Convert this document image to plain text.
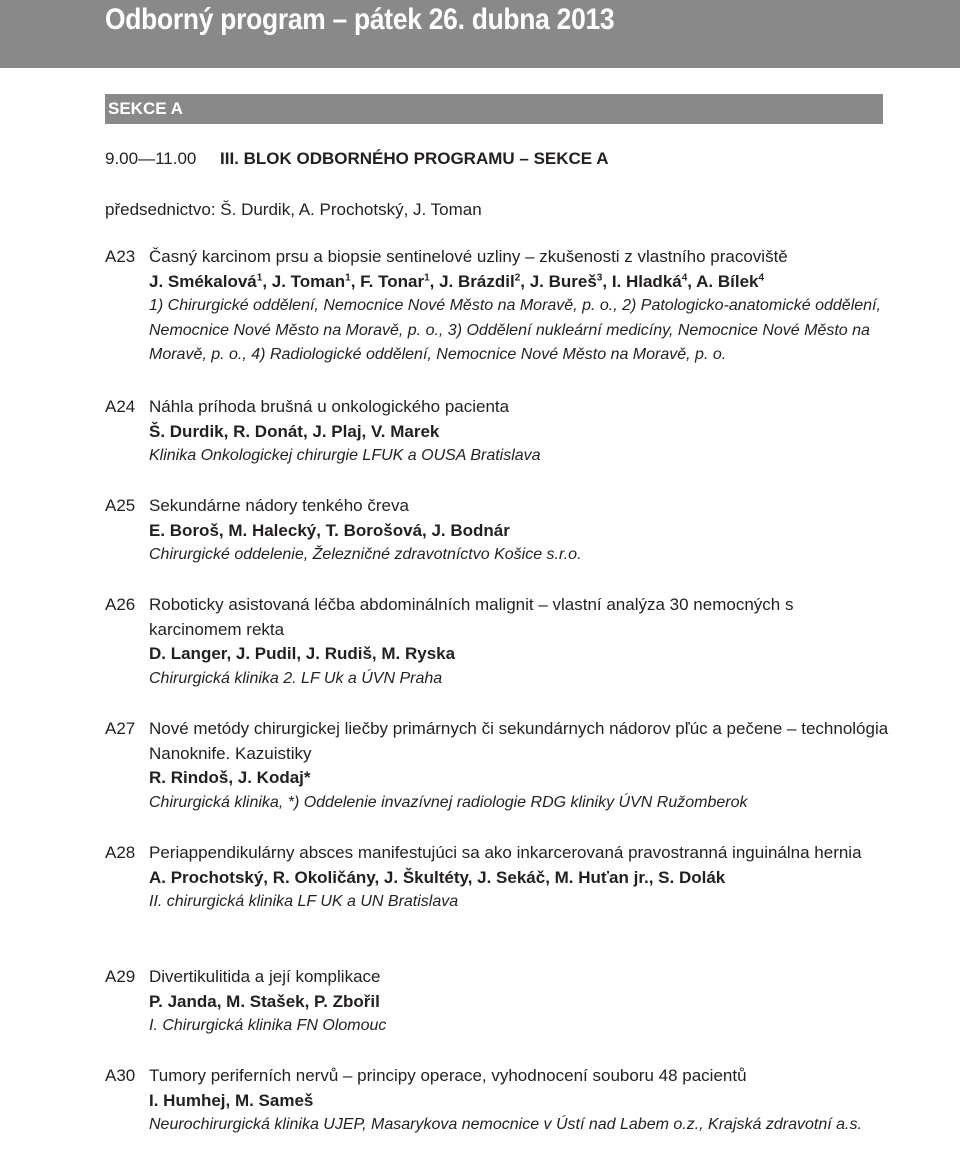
Odborný program – pátek 26. dubna 2013
SEKCE A
9.00—11.00 III. BLOK ODBORNÉHO PROGRAMU – SEKCE A
předsednictvo: Š. Durdik, A. Prochotský, J. Toman
A23 Časný karcinom prsu a biopsie sentinelové uzliny – zkušenosti z vlastního pracoviště
J. Smékalová$^1$, J. Toman$^1$, F. Tonar$^1$, J. Brázdil$^2$, J. Bureš$^3$, I. Hladká$^4$, A. Bílek$^4$
1) Chirurgické oddělení, Nemocnice Nové Město na Moravě, p. o., 2) Patologicko-anatomické oddělení, Nemocnice Nové Město na Moravě, p. o., 3) Oddělení nukleární medicíny, Nemocnice Nové Město na Moravě, p. o., 4) Radiologické oddělení, Nemocnice Nové Město na Moravě, p. o.
A24 Náhla príhoda brušná u onkologického pacienta
Š. Durdik, R. Donát, J. Plaj, V. Marek
Klinika Onkologickej chirurgie LFUK a OUSA Bratislava
A25 Sekundárne nádory tenkého čreva
E. Boroš, M. Halecký, T. Borošová, J. Bodnár
Chirurgické oddelenie, Železničné zdravotníctvo Košice s.r.o.
A26 Roboticky asistovaná léčba abdominálních malignit – vlastní analýza 30 nemocných s karcinomem rekta
D. Langer, J. Pudil, J. Rudiš, M. Ryska
Chirurgická klinika 2. LF Uk a ÚVN Praha
A27 Nové metódy chirurgickej liečby primárnych či sekundárnych nádorov pľúc a pečene – technológia Nanoknife. Kazuistiky
R. Rindoš, J. Kodaj*
Chirurgická klinika, *) Oddelenie invazívnej radiologie RDG kliniky ÚVN Ružomberok
A28 Periappendikulárny absces manifestujúci sa ako inkarcerovaná pravostranná inguinálna hernia
A. Prochotský, R. Okoličány, J. Škultéty, J. Sekáč, M. Huťan jr., S. Dolák
II. chirurgická klinika LF UK a UN Bratislava
A29 Divertikulitida a její komplikace
P. Janda, M. Stašek, P. Zbořil
I. Chirurgická klinika FN Olomouc
A30 Tumory periferních nervů – principy operace, vyhodnocení souboru 48 pacientů
I. Humhej, M. Sameš
Neurochirurgická klinika UJEP, Masarykova nemocnice v Ústí nad Labem o.z., Krajská zdravotní a.s.
